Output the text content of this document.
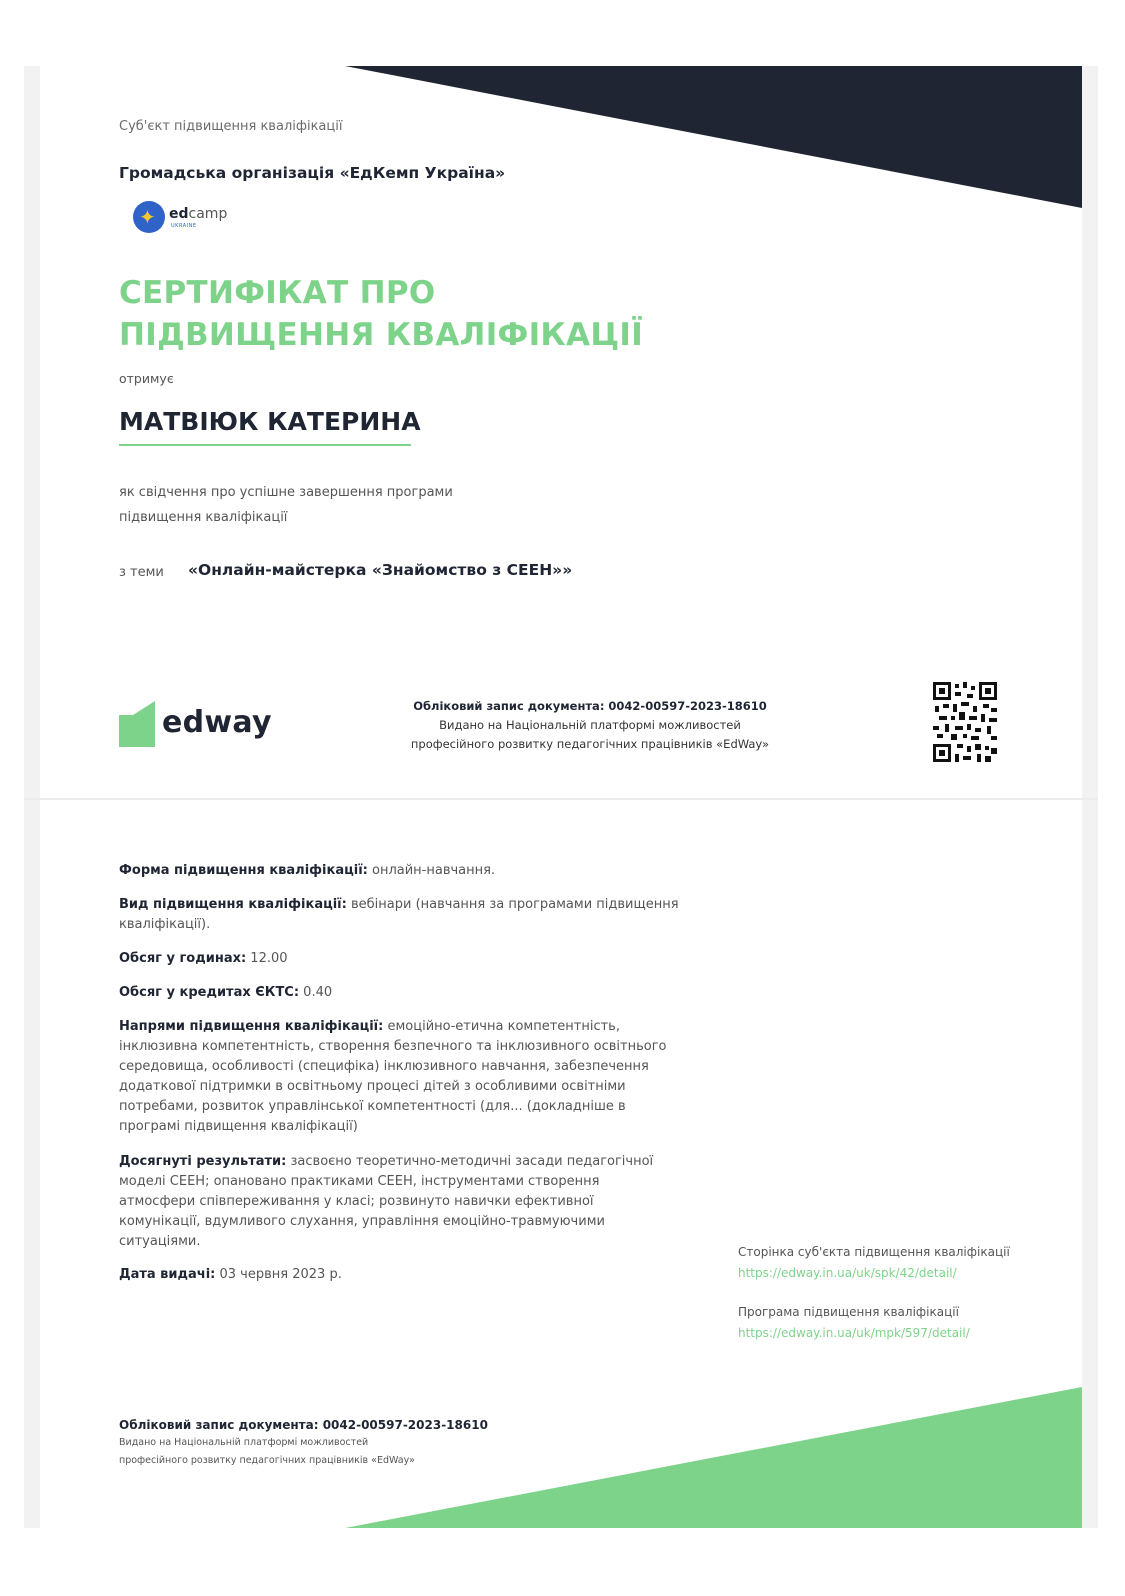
Суб'єкт підвищення кваліфікації
Громадська організація «ЕдКемп Україна»
✦ edcamp
UKRAINE
СЕРТИФІКАТ ПРО
ПІДВИЩЕННЯ КВАЛІФІКАЦІЇ
отримує
МАТВІЮК КАТЕРИНА
як свідчення про успішне завершення програми
підвищення кваліфікації
з теми «Онлайн-майстерка «Знайомство з СЕЕН»»
edway	Обліковий запис документа: 0042-00597-2023-18610
Видано на Національній платформі можливостей
професійного розвитку педагогічних працівників «EdWay»
Форма підвищення кваліфікації: онлайн-навчання.
Вид підвищення кваліфікації: вебінари (навчання за програмами підвищення кваліфікації).
Обсяг у годинах: 12.00
Обсяг у кредитах ЄКТС: 0.40
Напрями підвищення кваліфікації: емоційно-етична компетентність, інклюзивна компетентність, створення безпечного та інклюзивного освітнього середовища, особливості (специфіка) інклюзивного навчання, забезпечення додаткової підтримки в освітньому процесі дітей з особливими освітніми потребами, розвиток управлінської компетентності (для... (докладніше в програмі підвищення кваліфікації)
Досягнуті результати: засвоєно теоретично-методичні засади педагогічної моделі СЕЕН; опановано практиками СЕЕН, інструментами створення атмосфери співпереживання у класі; розвинуто навички ефективної комунікації, вдумливого слухання, управління емоційно-травмуючими ситуаціями.
Дата видачі: 03 червня 2023 р.
Сторінка суб'єкта підвищення кваліфікації
https://edway.in.ua/uk/spk/42/detail/
Програма підвищення кваліфікації
https://edway.in.ua/uk/mpk/597/detail/
Обліковий запис документа: 0042-00597-2023-18610
Видано на Національній платформі можливостей
професійного розвитку педагогічних працівників «EdWay»
